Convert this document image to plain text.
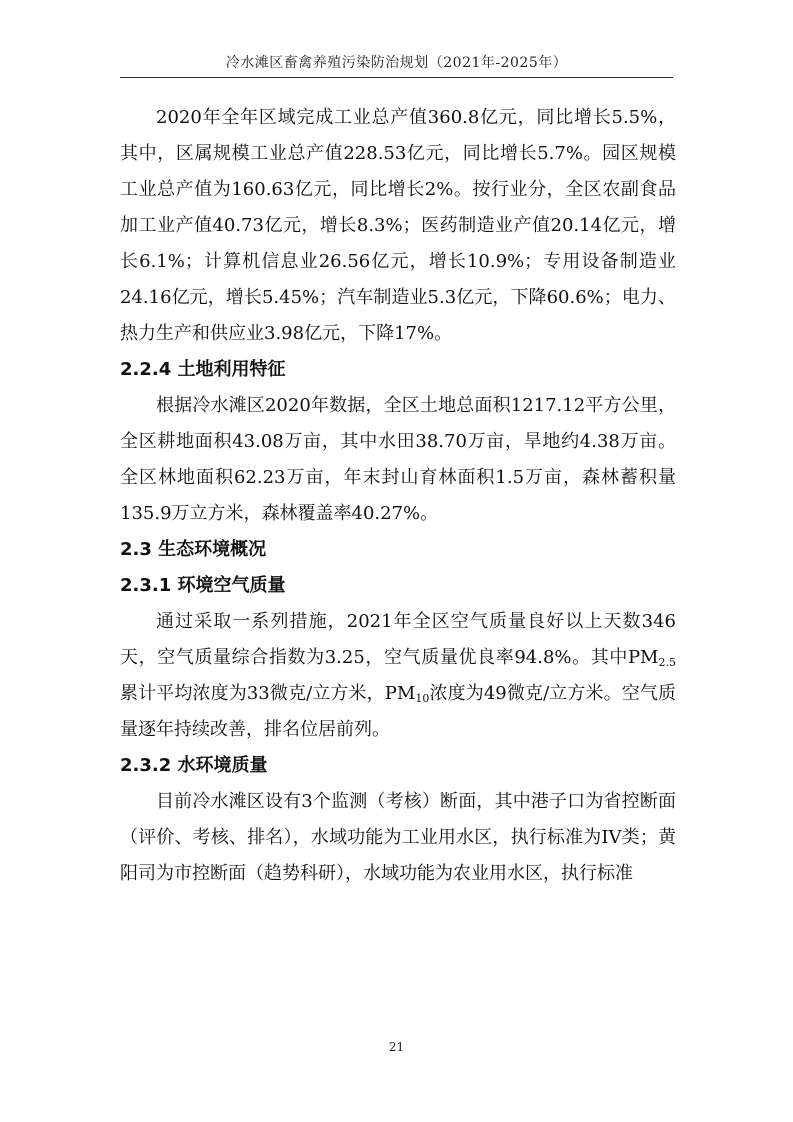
冷水滩区畜禽养殖污染防治规划（2021年-2025年）

2020年全年区域完成工业总产值360.8亿元，同比增长5.5%，其中，区属规模工业总产值228.53亿元，同比增长5.7%。园区规模工业总产值为160.63亿元，同比增长2%。按行业分，全区农副食品加工业产值40.73亿元，增长8.3%；医药制造业产值20.14亿元，增长6.1%；计算机信息业26.56亿元，增长10.9%；专用设备制造业24.16亿元，增长5.45%；汽车制造业5.3亿元，下降60.6%；电力、热力生产和供应业3.98亿元，下降17%。

2.2.4 土地利用特征

根据冷水滩区2020年数据，全区土地总面积1217.12平方公里，全区耕地面积43.08万亩，其中水田38.70万亩，旱地约4.38万亩。全区林地面积62.23万亩，年末封山育林面积1.5万亩，森林蓄积量135.9万立方米，森林覆盖率40.27%。

2.3 生态环境概况
2.3.1 环境空气质量

通过采取一系列措施，2021年全区空气质量良好以上天数346天，空气质量综合指数为3.25，空气质量优良率94.8%。其中$PM_{2.5}$累计平均浓度为33微克/立方米，$PM_{10}$浓度为49微克/立方米。空气质量逐年持续改善，排名位居前列。

2.3.2 水环境质量

目前冷水滩区设有3个监测（考核）断面，其中港子口为省控断面（评价、考核、排名），水域功能为工业用水区，执行标准为IV类；黄阳司为市控断面（趋势科研），水域功能为农业用水区，执行标准

21
